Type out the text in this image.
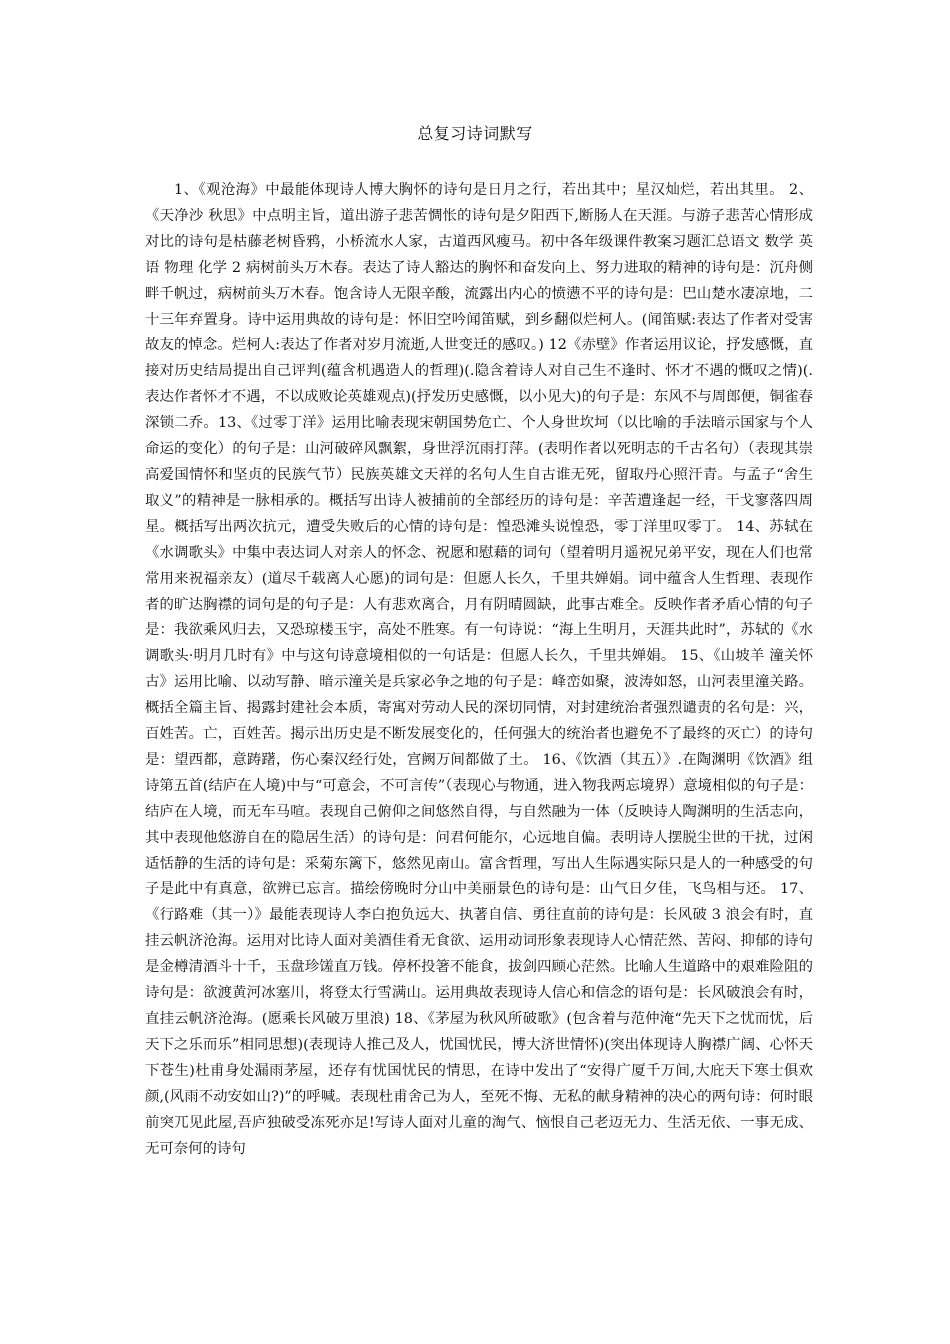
总复习诗词默写

1、《观沧海》中最能体现诗人博大胸怀的诗句是日月之行，若出其中；星汉灿烂，若出其里。 2、《天净沙 秋思》中点明主旨，道出游子悲苦惆怅的诗句是夕阳西下,断肠人在天涯。与游子悲苦心情形成对比的诗句是枯藤老树昏鸦，小桥流水人家，古道西风瘦马。初中各年级课件教案习题汇总语文 数学 英语 物理 化学 2 病树前头万木春。表达了诗人豁达的胸怀和奋发向上、努力进取的精神的诗句是：沉舟侧畔千帆过，病树前头万木春。饱含诗人无限辛酸，流露出内心的愤懑不平的诗句是：巴山楚水凄凉地，二十三年弃置身。诗中运用典故的诗句是：怀旧空吟闻笛赋，到乡翻似烂柯人。(闻笛赋:表达了作者对受害故友的悼念。烂柯人:表达了作者对岁月流逝,人世变迁的感叹。) 12《赤壁》作者运用议论，抒发感慨，直接对历史结局提出自己评判(蕴含机遇造人的哲理)(.隐含着诗人对自己生不逢时、怀才不遇的慨叹之情)(.表达作者怀才不遇，不以成败论英雄观点)(抒发历史感慨，以小见大)的句子是：东风不与周郎便，铜雀春深锁二乔。13、《过零丁洋》运用比喻表现宋朝国势危亡、个人身世坎坷（以比喻的手法暗示国家与个人命运的变化）的句子是：山河破碎风飘絮，身世浮沉雨打萍。(表明作者以死明志的千古名句）（表现其崇高爱国情怀和坚贞的民族气节）民族英雄文天祥的名句人生自古谁无死，留取丹心照汗青。与孟子“舍生取义”的精神是一脉相承的。概括写出诗人被捕前的全部经历的诗句是：辛苦遭逢起一经，干戈寥落四周星。概括写出两次抗元，遭受失败后的心情的诗句是：惶恐滩头说惶恐，零丁洋里叹零丁。 14、苏轼在《水调歌头》中集中表达词人对亲人的怀念、祝愿和慰藉的词句（望着明月遥祝兄弟平安，现在人们也常常用来祝福亲友）(道尽千载离人心愿)的词句是：但愿人长久，千里共婵娟。词中蕴含人生哲理、表现作者的旷达胸襟的词句是的句子是：人有悲欢离合，月有阴晴圆缺，此事古难全。反映作者矛盾心情的句子是：我欲乘风归去，又恐琼楼玉宇，高处不胜寒。有一句诗说：“海上生明月，天涯共此时”，苏轼的《水调歌头·明月几时有》中与这句诗意境相似的一句话是：但愿人长久，千里共婵娟。 15、《山坡羊 潼关怀古》运用比喻、以动写静、暗示潼关是兵家必争之地的句子是：峰峦如聚，波涛如怒，山河表里潼关路。概括全篇主旨、揭露封建社会本质，寄寓对劳动人民的深切同情，对封建统治者强烈谴责的名句是：兴，百姓苦。亡，百姓苦。揭示出历史是不断发展变化的，任何强大的统治者也避免不了最终的灭亡）的诗句是：望西都，意踌躇，伤心秦汉经行处，宫阙万间都做了土。 16、《饮酒（其五）》.在陶渊明《饮酒》组诗第五首(结庐在人境)中与“可意会，不可言传”（表现心与物通，进入物我两忘境界）意境相似的句子是：结庐在人境，而无车马喧。表现自己俯仰之间悠然自得，与自然融为一体（反映诗人陶渊明的生活志向，其中表现他悠游自在的隐居生活）的诗句是：问君何能尔，心远地自偏。表明诗人摆脱尘世的干扰，过闲适恬静的生活的诗句是：采菊东篱下，悠然见南山。富含哲理，写出人生际遇实际只是人的一种感受的句子是此中有真意，欲辨已忘言。描绘傍晚时分山中美丽景色的诗句是：山气日夕佳，飞鸟相与还。 17、《行路难（其一）》最能表现诗人李白抱负远大、执著自信、勇往直前的诗句是：长风破 3 浪会有时，直挂云帆济沧海。运用对比诗人面对美酒佳肴无食欲、运用动词形象表现诗人心情茫然、苦闷、抑郁的诗句是金樽清酒斗十千，玉盘珍馐直万钱。停杯投箸不能食，拔剑四顾心茫然。比喻人生道路中的艰难险阻的诗句是：欲渡黄河冰塞川，将登太行雪满山。运用典故表现诗人信心和信念的语句是：长风破浪会有时，直挂云帆济沧海。(愿乘长风破万里浪) 18、《茅屋为秋风所破歌》(包含着与范仲淹“先天下之忧而忧，后天下之乐而乐”相同思想)(表现诗人推己及人，忧国忧民，博大济世情怀)(突出体现诗人胸襟广阔、心怀天下苍生)杜甫身处漏雨茅屋，还存有忧国忧民的情思，在诗中发出了“安得广厦千万间,大庇天下寒士俱欢颜,(风雨不动安如山?)”的呼喊。表现杜甫舍己为人，至死不悔、无私的献身精神的决心的两句诗：何时眼前突兀见此屋,吾庐独破受冻死亦足!写诗人面对儿童的淘气、恼恨自己老迈无力、生活无依、一事无成、无可奈何的诗句
